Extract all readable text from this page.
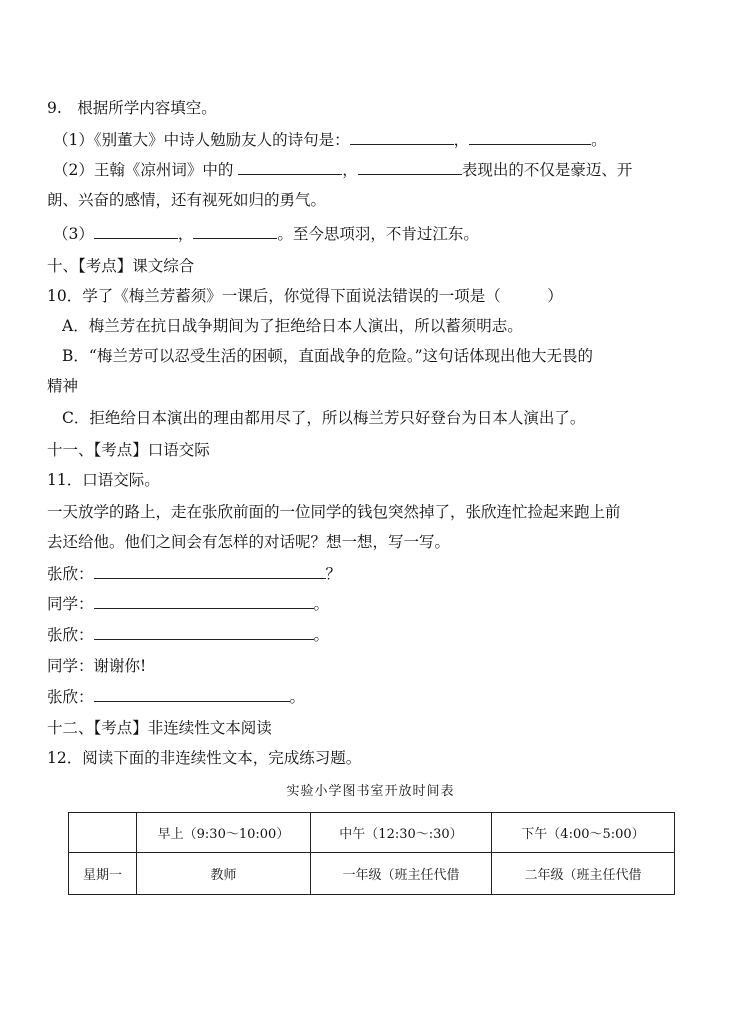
9.　根据所学内容填空。
（1）《别董大》中诗人勉励友人的诗句是：	，	。
（2）王翰《凉州词》中的	，	表现出的不仅是豪迈、开
朗、兴奋的感情，还有视死如归的勇气。
（3）	，	。至今思项羽，不肯过江东。
十、【考点】课文综合
10．学了《梅兰芳蓄须》一课后，你觉得下面说法错误的一项是（　　　）
A．梅兰芳在抗日战争期间为了拒绝给日本人演出，所以蓄须明志。
B．“梅兰芳可以忍受生活的困顿，直面战争的危险。”这句话体现出他大无畏的
精神
C．拒绝给日本演出的理由都用尽了，所以梅兰芳只好登台为日本人演出了。
十一、【考点】口语交际
11．口语交际。
一天放学的路上，走在张欣前面的一位同学的钱包突然掉了，张欣连忙捡起来跑上前
去还给他。他们之间会有怎样的对话呢？想一想，写一写。
张欣：	？
同学：	。
张欣：	。
同学：谢谢你!
张欣：	。
十二、【考点】非连续性文本阅读
12．阅读下面的非连续性文本，完成练习题。
实验小学图书室开放时间表
	早上（9:30～10:00）	中午（12:30～:30）	下午（4:00～5:00）
星期一	教师	一年级（班主任代借	二年级（班主任代借
